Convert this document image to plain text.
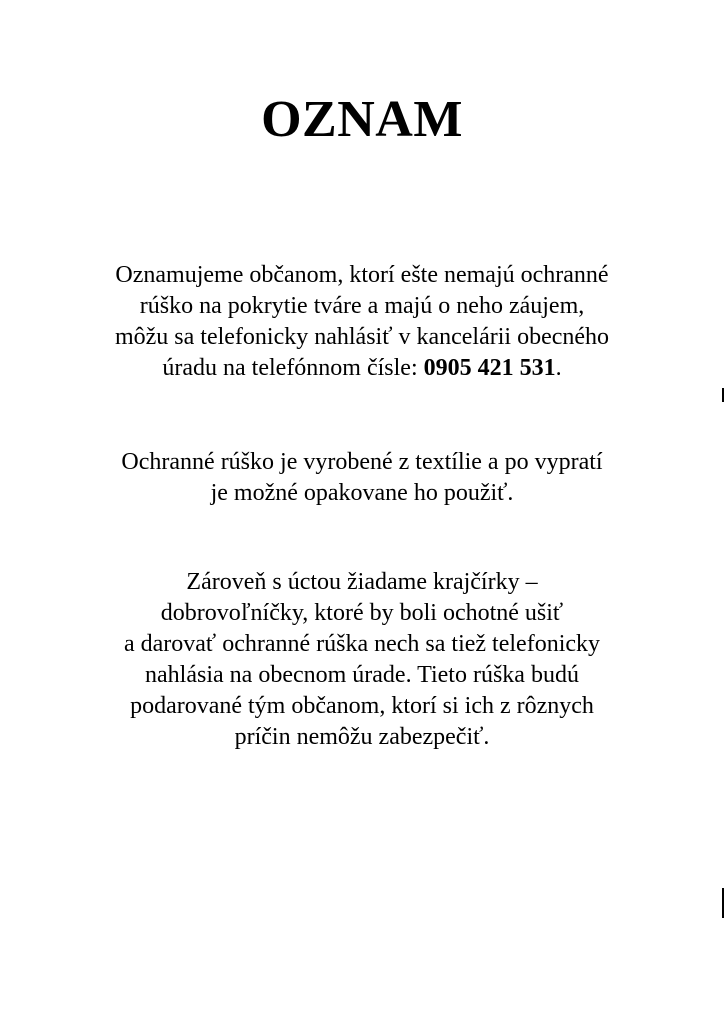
OZNAM
Oznamujeme občanom, ktorí ešte nemajú ochranné
rúško na pokrytie tváre a majú o neho záujem,
môžu sa telefonicky nahlásiť v kancelárii obecného
úradu na telefónnom čísle: 0905 421 531.
Ochranné rúško je vyrobené z textílie a po vypratí
je možné opakovane ho použiť.
Zároveň s úctou žiadame krajčírky –
dobrovoľníčky, ktoré by boli ochotné ušiť
a darovať ochranné rúška nech sa tiež telefonicky
nahlásia na obecnom úrade. Tieto rúška budú
podarované tým občanom, ktorí si ich z rôznych
príčin nemôžu zabezpečiť.
